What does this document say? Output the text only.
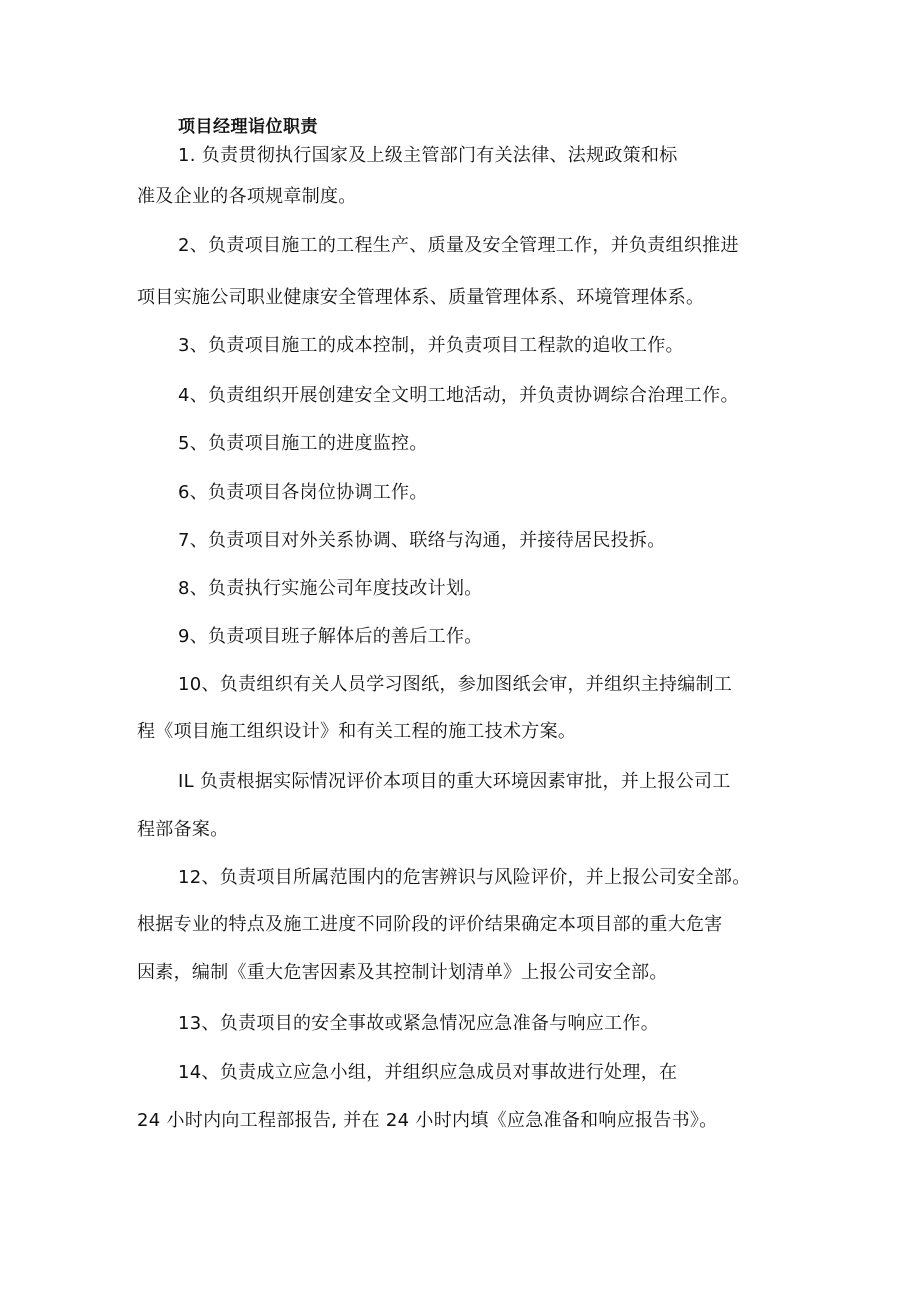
项目经理诣位职责
1. 负责贯彻执行国家及上级主管部门有关法律、法规政策和标
准及企业的各项规章制度。
2、负责项目施工的工程生产、质量及安全管理工作，并负责组织推进
项目实施公司职业健康安全管理体系、质量管理体系、环境管理体系。
3、负责项目施工的成本控制，并负责项目工程款的追收工作。
4、负责组织开展创建安全文明工地活动，并负责协调综合治理工作。
5、负责项目施工的进度监控。
6、负责项目各岗位协调工作。
7、负责项目对外关系协调、联络与沟通，并接待居民投拆。
8、负责执行实施公司年度技改计划。
9、负责项目班子解体后的善后工作。
10、负责组织有关人员学习图纸，参加图纸会审，并组织主持编制工
程《项目施工组织设计》和有关工程的施工技术方案。
IL 负责根据实际情况评价本项目的重大环境因素审批，并上报公司工
程部备案。
12、负责项目所属范围内的危害辨识与风险评价，并上报公司安全部。
根据专业的特点及施工进度不同阶段的评价结果确定本项目部的重大危害
因素，编制《重大危害因素及其控制计划清单》上报公司安全部。
13、负责项目的安全事故或紧急情况应急准备与响应工作。
14、负责成立应急小组，并组织应急成员对事故进行处理，在
24 小时内向工程部报告, 并在 24 小时内填《应急准备和响应报告书》。
